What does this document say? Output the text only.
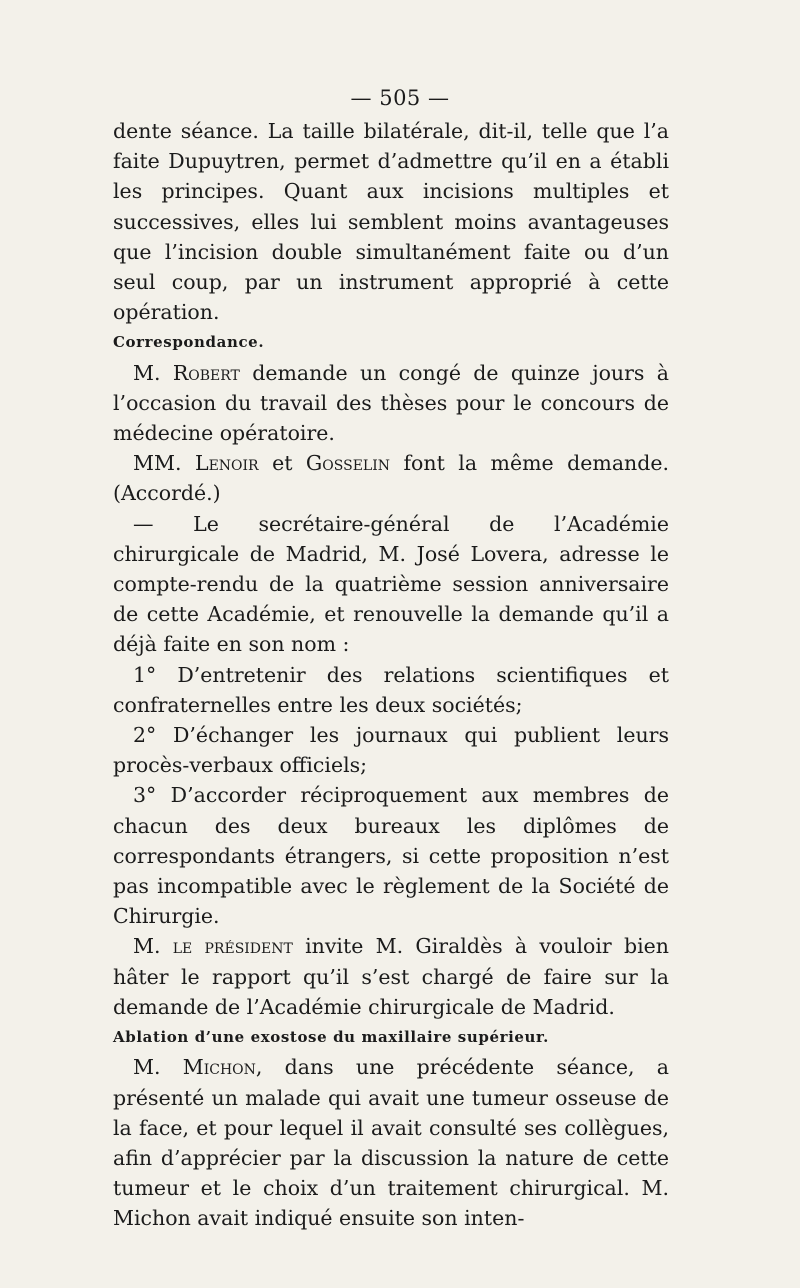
— 505 —

dente séance. La taille bilatérale, dit-il, telle que l’a faite Dupuytren, permet d’admettre qu’il en a établi les principes. Quant aux incisions multiples et successives, elles lui semblent moins avantageuses que l’incision double simultanément faite ou d’un seul coup, par un instrument approprié à cette opération.

Correspondance.

M. Robert demande un congé de quinze jours à l’occasion du travail des thèses pour le concours de médecine opératoire.

MM. Lenoir et Gosselin font la même demande. (Accordé.)

— Le secrétaire-général de l’Académie chirurgicale de Madrid, M. José Lovera, adresse le compte-rendu de la quatrième session anniversaire de cette Académie, et renouvelle la demande qu’il a déjà faite en son nom :

1° D’entretenir des relations scientifiques et confraternelles entre les deux sociétés;

2° D’échanger les journaux qui publient leurs procès-verbaux officiels;

3° D’accorder réciproquement aux membres de chacun des deux bureaux les diplômes de correspondants étrangers, si cette proposition n’est pas incompatible avec le règlement de la Société de Chirurgie.

M. le président invite M. Giraldès à vouloir bien hâter le rapport qu’il s’est chargé de faire sur la demande de l’Académie chirurgicale de Madrid.

Ablation d’une exostose du maxillaire supérieur.

M. Michon, dans une précédente séance, a présenté un malade qui avait une tumeur osseuse de la face, et pour lequel il avait consulté ses collègues, afin d’apprécier par la discussion la nature de cette tumeur et le choix d’un traitement chirurgical. M. Michon avait indiqué ensuite son inten-
